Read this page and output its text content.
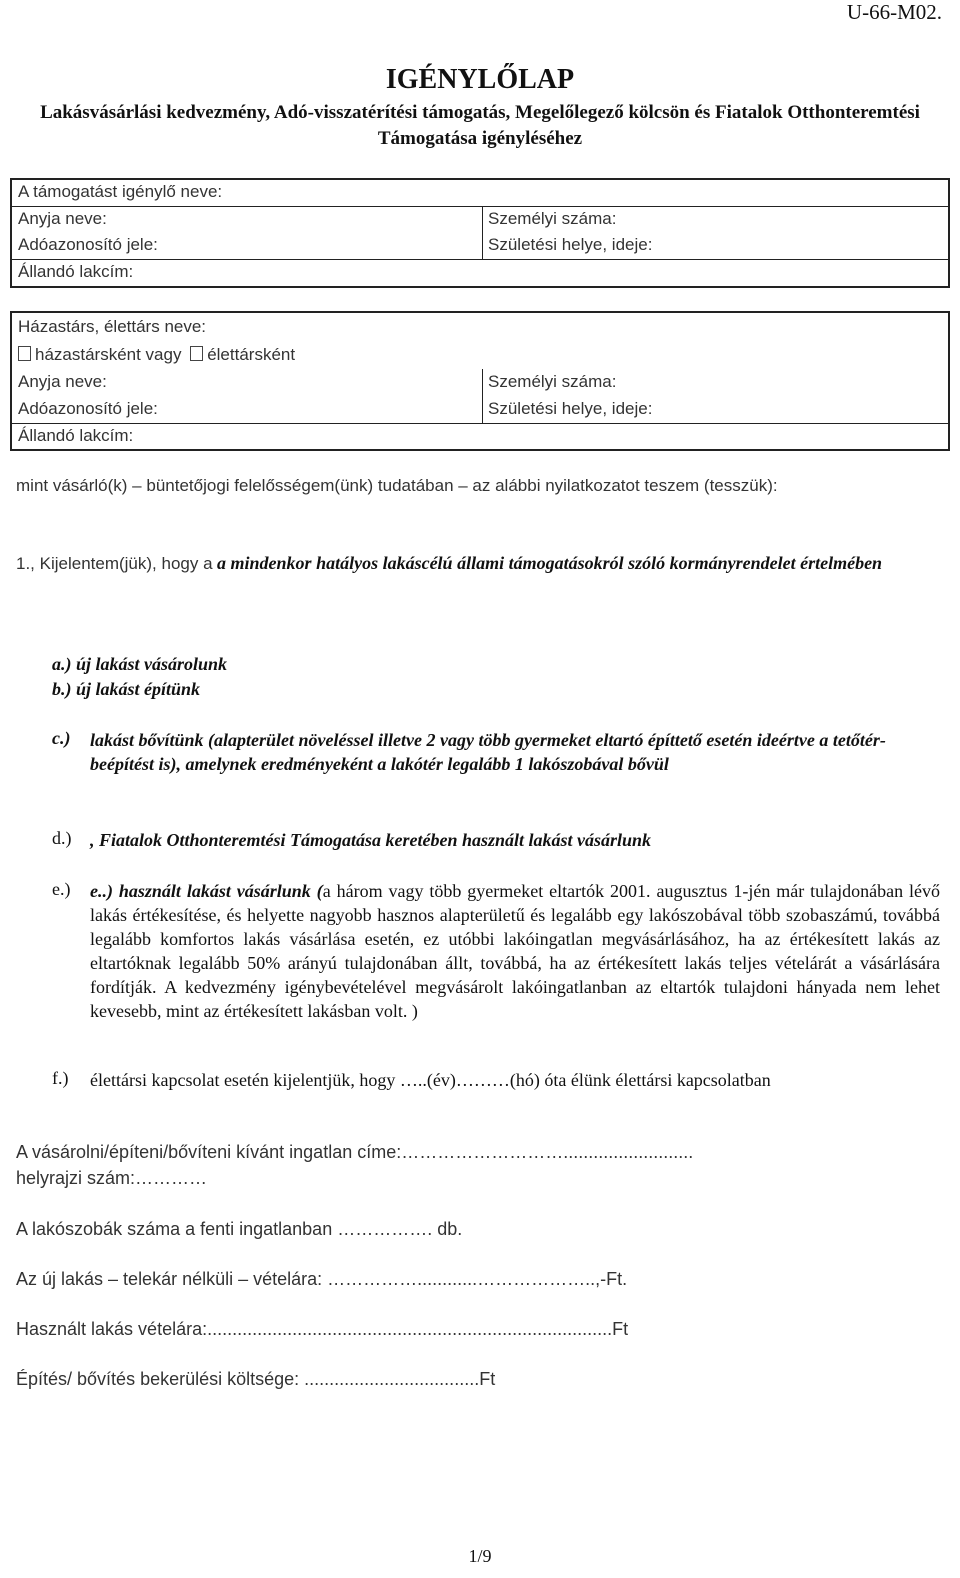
U-66-M02.
IGÉNYLŐLAP
Lakásvásárlási kedvezmény, Adó-visszatérítési támogatás, Megelőlegező kölcsön és Fiatalok Otthonteremtési Támogatása igényléséhez
A támogatást igénylő neve:
Anyja neve:	Személyi száma:
Adóazonosító jele:	Születési helye, ideje:
Állandó lakcím:
Házastárs, élettárs neve:
házastársként vagy élettársként
Anyja neve:	Személyi száma:
Adóazonosító jele:	Születési helye, ideje:
Állandó lakcím:
mint vásárló(k) – büntetőjogi felelősségem(ünk) tudatában – az alábbi nyilatkozatot teszem (tesszük):
1., Kijelentem(jük), hogy a a mindenkor hatályos lakáscélú állami támogatásokról szóló kormányrendelet értelmében
a.) új lakást vásárolunk
b.) új lakást építünk
c.) lakást bővítünk (alapterület növeléssel illetve 2 vagy több gyermeket eltartó építtető esetén ideértve a tetőtér-beépítést is), amelynek eredményeként a lakótér legalább 1 lakószobával bővül
d.) , Fiatalok Otthonteremtési Támogatása keretében használt lakást vásárlunk
e.) e..) használt lakást vásárlunk (a három vagy több gyermeket eltartók 2001. augusztus 1-jén már tulajdonában lévő lakás értékesítése, és helyette nagyobb hasznos alapterületű és legalább egy lakószobával több szobaszámú, továbbá legalább komfortos lakás vásárlása esetén, ez utóbbi lakóingatlan megvásárlásához, ha az értékesített lakás az eltartóknak legalább 50% arányú tulajdonában állt, továbbá, ha az értékesített lakás teljes vételárát a vásárlására fordítják. A kedvezmény igénybevételével megvásárolt lakóingatlanban az eltartók tulajdoni hányada nem lehet kevesebb, mint az értékesített lakásban volt. )
f.) élettársi kapcsolat esetén kijelentjük, hogy …..(év)………(hó) óta élünk élettársi kapcsolatban
A vásárolni/építeni/bővíteni kívánt ingatlan címe:………………………..........................
helyrajzi szám:…………
A lakószobák száma a fenti ingatlanban ……………. db.
Az új lakás – telekár nélküli – vételára: ……………............………………..,-Ft.
Használt lakás vételára:.................................................................................Ft
Építés/ bővítés bekerülési költsége: ...................................Ft
1/9
